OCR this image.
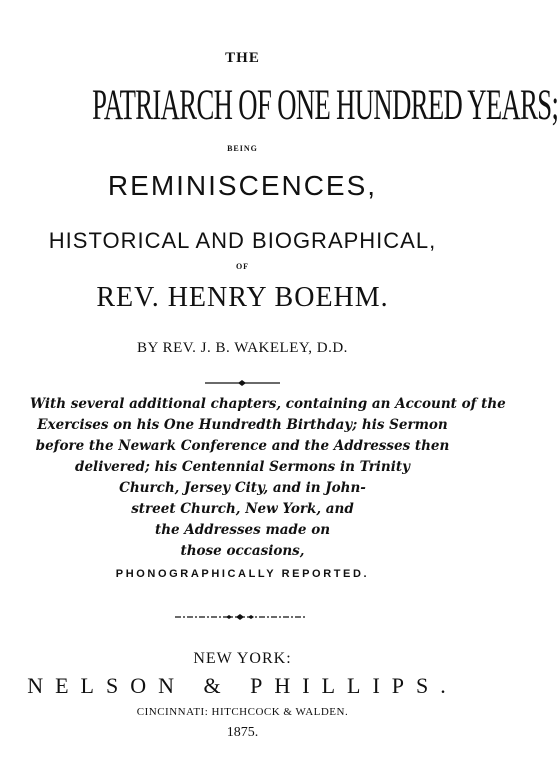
THE
PATRIARCH OF ONE HUNDRED YEARS;
BEING
REMINISCENCES,
HISTORICAL AND BIOGRAPHICAL,
OF
REV. HENRY BOEHM.
BY REV. J. B. WAKELEY, D.D.
With several additional chapters, containing an Account of the
Exercises on his One Hundredth Birthday; his Sermon
before the Newark Conference and the Addresses then
delivered; his Centennial Sermons in Trinity
Church, Jersey City, and in John-
street Church, New York, and
the Addresses made on
those occasions,
PHONOGRAPHICALLY REPORTED.
NEW YORK:
NELSON & PHILLIPS.
CINCINNATI: HITCHCOCK & WALDEN.
1875.
